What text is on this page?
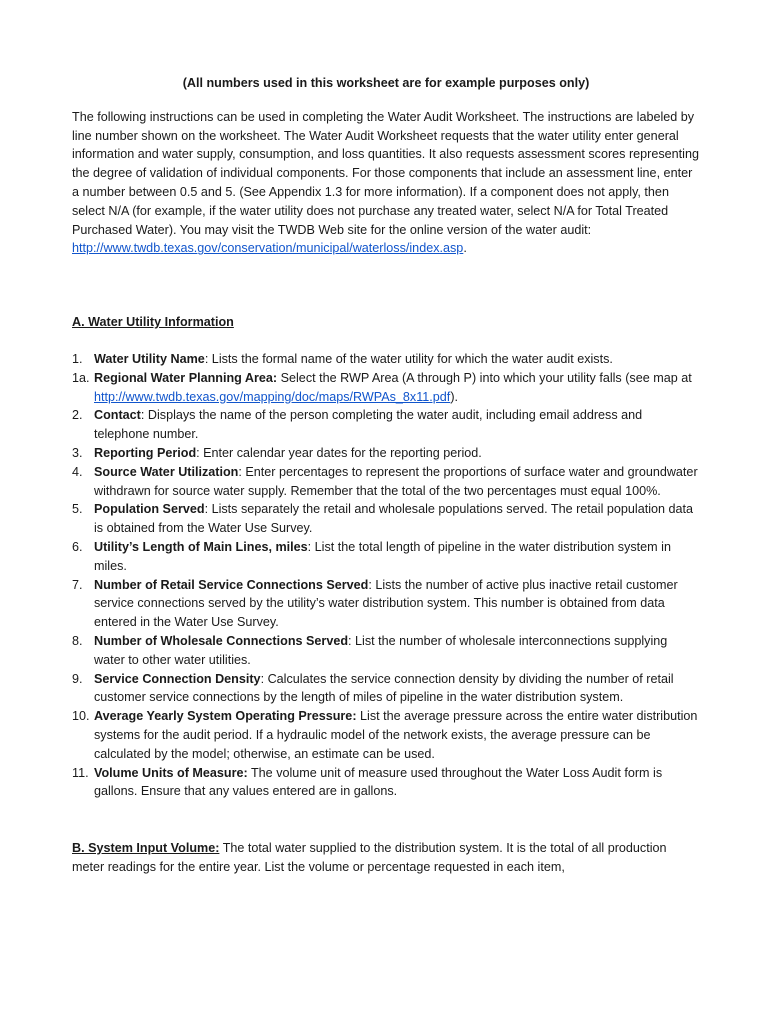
(All numbers used in this worksheet are for example purposes only)

The following instructions can be used in completing the Water Audit Worksheet. The instructions are labeled by line number shown on the worksheet. The Water Audit Worksheet requests that the water utility enter general information and water supply, consumption, and loss quantities. It also requests assessment scores representing the degree of validation of individual components. For those components that include an assessment line, enter a number between 0.5 and 5. (See Appendix 1.3 for more information). If a component does not apply, then select N/A (for example, if the water utility does not purchase any treated water, select N/A for Total Treated Purchased Water). You may visit the TWDB Web site for the online version of the water audit: http://www.twdb.texas.gov/conservation/municipal/waterloss/index.asp.

A. Water Utility Information

1. Water Utility Name: Lists the formal name of the water utility for which the water audit exists.
1a. Regional Water Planning Area: Select the RWP Area (A through P) into which your utility falls (see map at http://www.twdb.texas.gov/mapping/doc/maps/RWPAs_8x11.pdf).
2. Contact: Displays the name of the person completing the water audit, including email address and telephone number.
3. Reporting Period: Enter calendar year dates for the reporting period.
4. Source Water Utilization: Enter percentages to represent the proportions of surface water and groundwater withdrawn for source water supply. Remember that the total of the two percentages must equal 100%.
5. Population Served: Lists separately the retail and wholesale populations served. The retail population data is obtained from the Water Use Survey.
6. Utility’s Length of Main Lines, miles: List the total length of pipeline in the water distribution system in miles.
7. Number of Retail Service Connections Served: Lists the number of active plus inactive retail customer service connections served by the utility’s water distribution system. This number is obtained from data entered in the Water Use Survey.
8. Number of Wholesale Connections Served: List the number of wholesale interconnections supplying water to other water utilities.
9. Service Connection Density: Calculates the service connection density by dividing the number of retail customer service connections by the length of miles of pipeline in the water distribution system.
10. Average Yearly System Operating Pressure: List the average pressure across the entire water distribution systems for the audit period. If a hydraulic model of the network exists, the average pressure can be calculated by the model; otherwise, an estimate can be used.
11. Volume Units of Measure: The volume unit of measure used throughout the Water Loss Audit form is gallons. Ensure that any values entered are in gallons.

B. System Input Volume: The total water supplied to the distribution system. It is the total of all production meter readings for the entire year. List the volume or percentage requested in each item,
